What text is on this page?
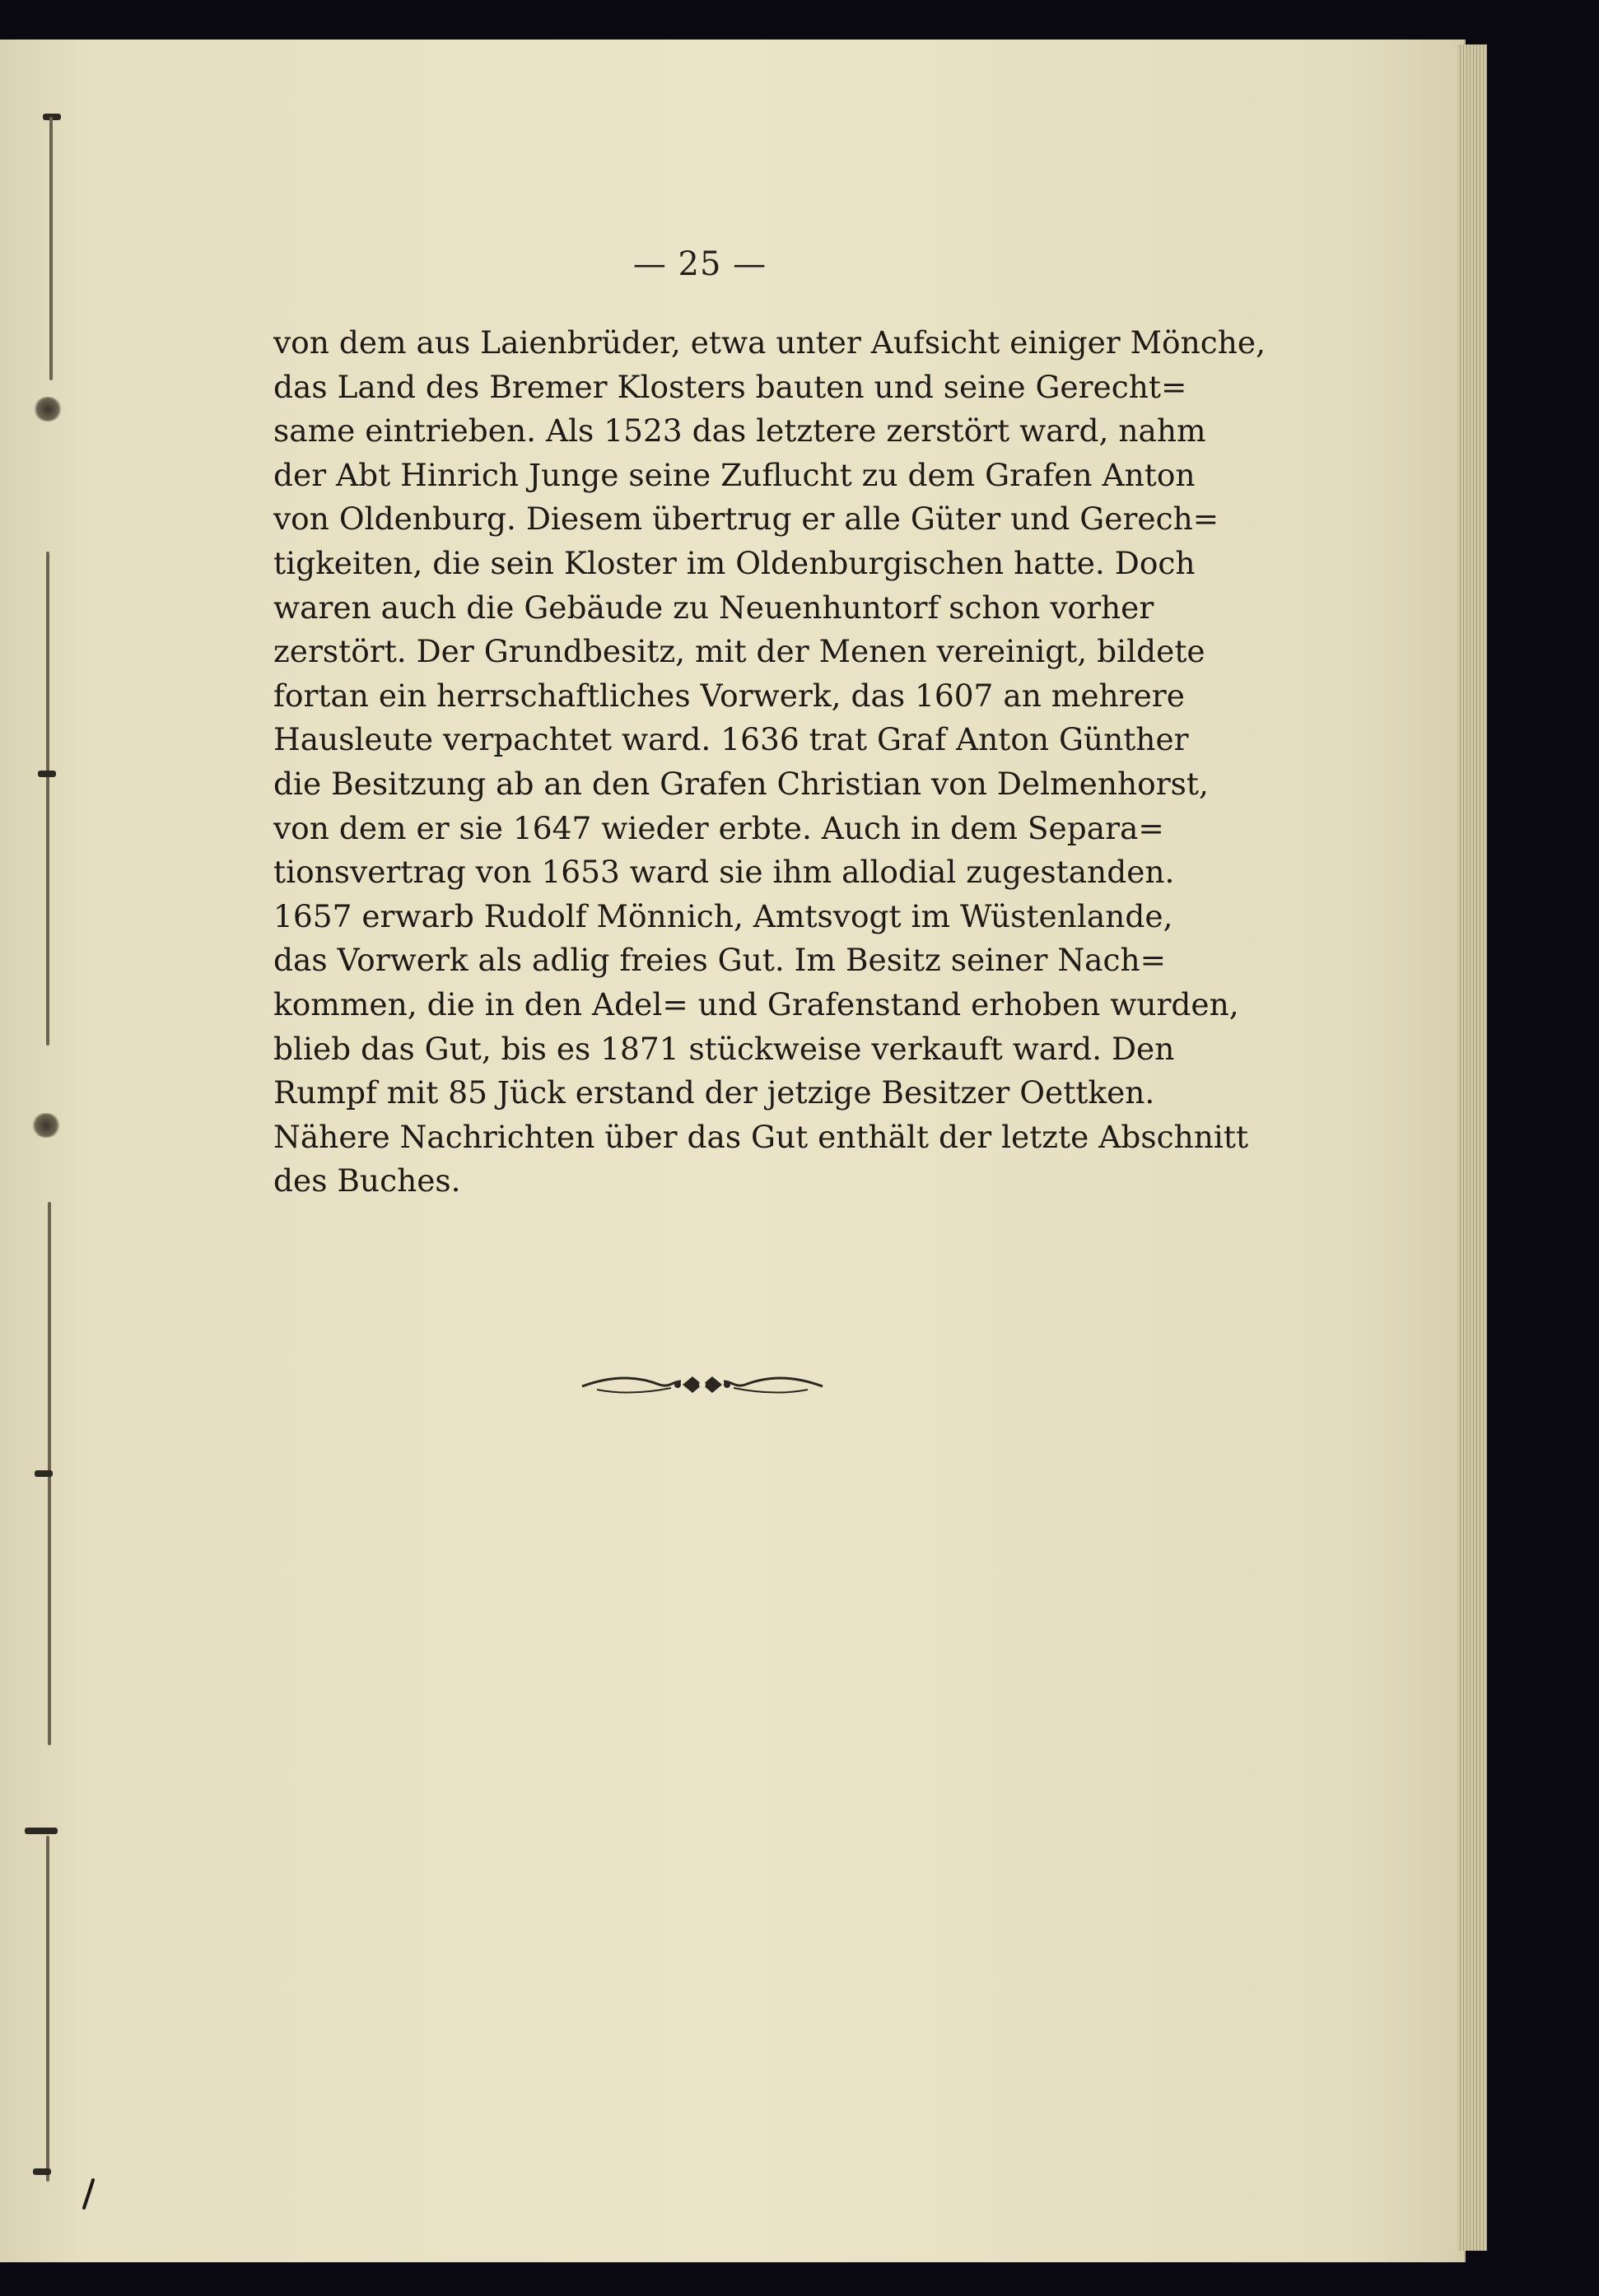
— 25 —
von dem aus Laienbrüder, etwa unter Aufsicht einiger Mönche,
das Land des Bremer Klosters bauten und seine Gerecht=
same eintrieben. Als 1523 das letztere zerstört ward, nahm
der Abt Hinrich Junge seine Zuflucht zu dem Grafen Anton
von Oldenburg. Diesem übertrug er alle Güter und Gerech=
tigkeiten, die sein Kloster im Oldenburgischen hatte. Doch
waren auch die Gebäude zu Neuenhuntorf schon vorher
zerstört. Der Grundbesitz, mit der Menen vereinigt, bildete
fortan ein herrschaftliches Vorwerk, das 1607 an mehrere
Hausleute verpachtet ward. 1636 trat Graf Anton Günther
die Besitzung ab an den Grafen Christian von Delmenhorst,
von dem er sie 1647 wieder erbte. Auch in dem Separa=
tionsvertrag von 1653 ward sie ihm allodial zugestanden.
1657 erwarb Rudolf Mönnich, Amtsvogt im Wüstenlande,
das Vorwerk als adlig freies Gut. Im Besitz seiner Nach=
kommen, die in den Adel= und Grafenstand erhoben wurden,
blieb das Gut, bis es 1871 stückweise verkauft ward. Den
Rumpf mit 85 Jück erstand der jetzige Besitzer Oettken.
Nähere Nachrichten über das Gut enthält der letzte Abschnitt
des Buches.
